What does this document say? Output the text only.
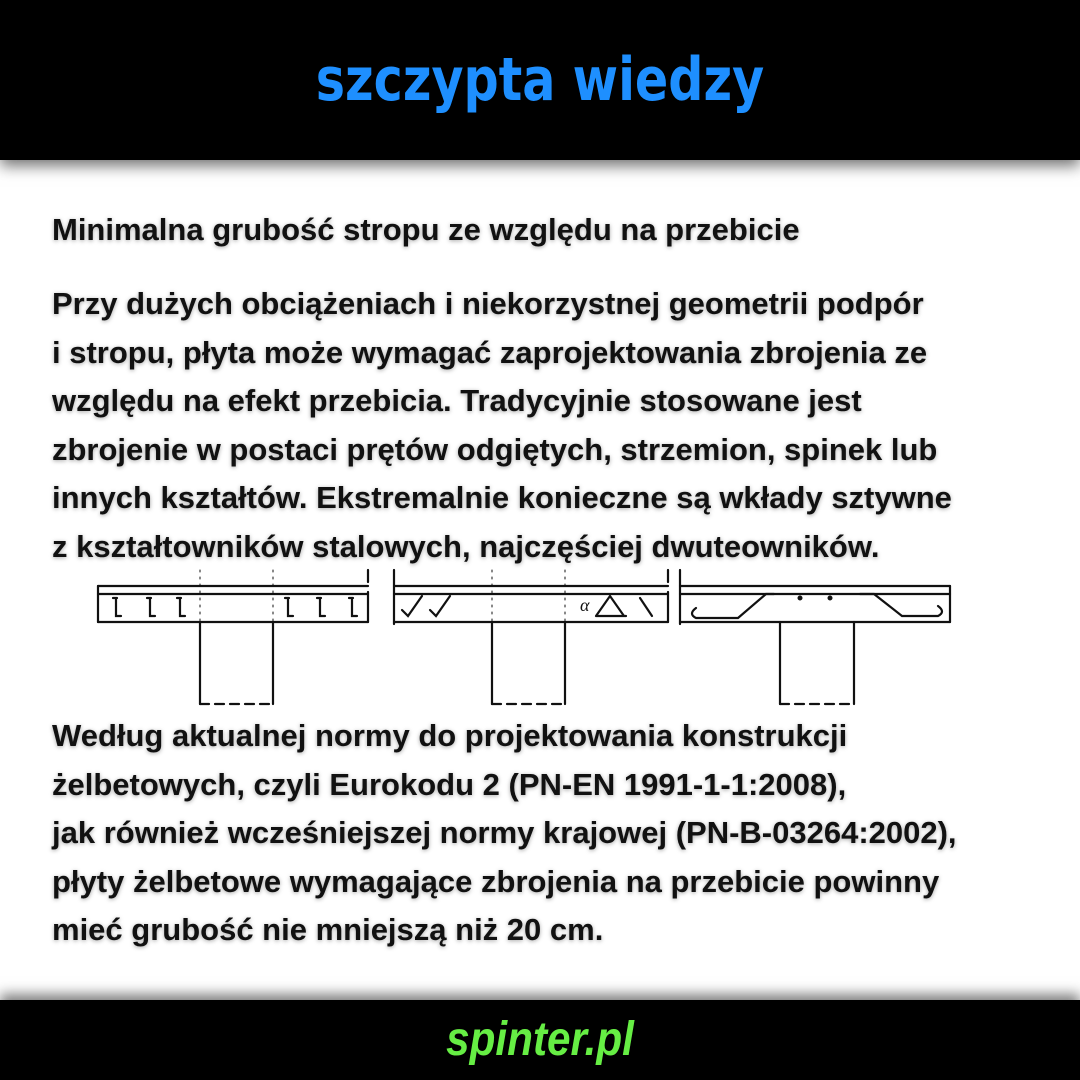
szczypta wiedzy
Minimalna grubość stropu ze względu na przebicie
Przy dużych obciążeniach i niekorzystnej geometrii podpór
i stropu, płyta może wymagać zaprojektowania zbrojenia ze
względu na efekt przebicia. Tradycyjnie stosowane jest
zbrojenie w postaci prętów odgiętych, strzemion, spinek lub
innych kształtów. Ekstremalnie konieczne są wkłady sztywne
z kształtowników stalowych, najczęściej dwuteowników.
α
Według aktualnej normy do projektowania konstrukcji
żelbetowych, czyli Eurokodu 2 (PN-EN 1991-1-1:2008),
jak również wcześniejszej normy krajowej (PN-B-03264:2002),
płyty żelbetowe wymagające zbrojenia na przebicie powinny
mieć grubość nie mniejszą niż 20 cm.
spinter.pl
